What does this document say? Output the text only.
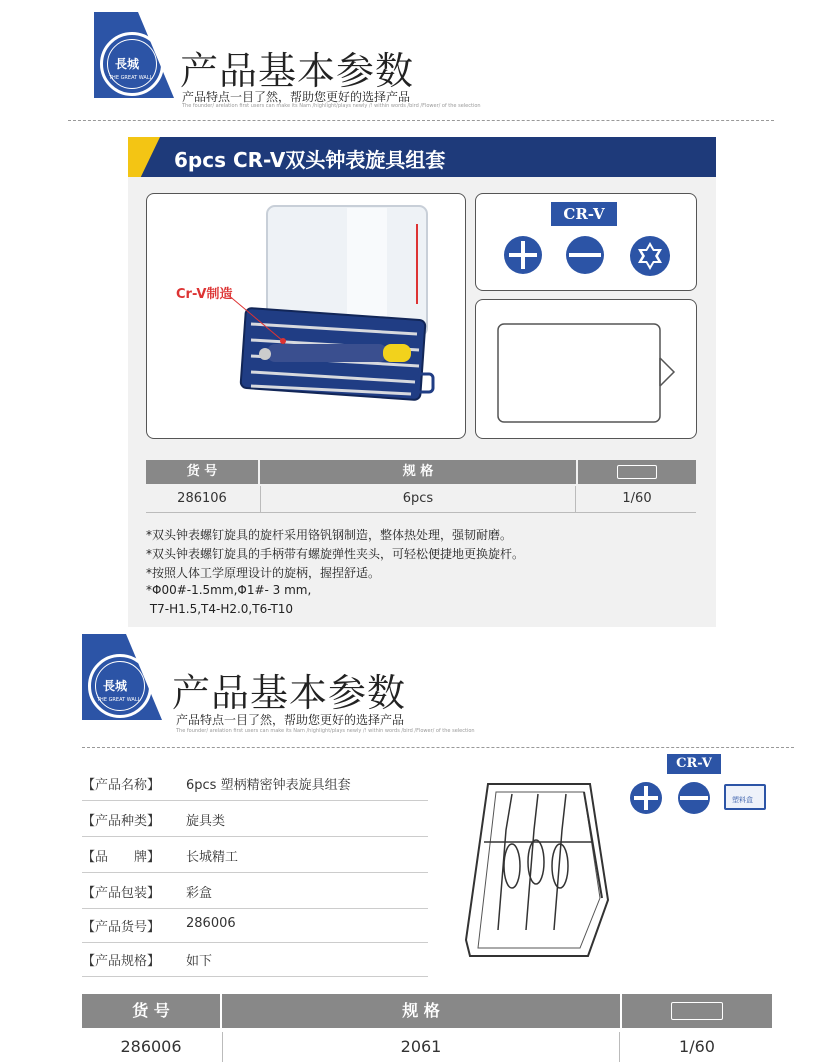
長城
THE GREAT WALL 产品基本参数
产品特点一目了然，帮助您更好的选择产品
The founder/ arelation first users can make its Nam /highlight/plays newly /! within words /bird /Flower/ of the selection
6pcs CR-V双头钟表旋具组套
Cr-V制造
CR-V
货 号	规 格
286106	6pcs	1/60
*双头钟表螺钉旋具的旋杆采用铬钒钢制造，整体热处理，强韧耐磨。
*双头钟表螺钉旋具的手柄带有螺旋弹性夹头，可轻松便捷地更换旋杆。
*按照人体工学原理设计的旋柄，握捏舒适。
*Φ00#-1.5mm,Φ1#- 3 mm,
T7-H1.5,T4-H2.0,T6-T10
長城
THE GREAT WALL 产品基本参数
产品特点一目了然，帮助您更好的选择产品
The founder/ arelation first users can make its Nam /highlight/plays newly /! within words /bird /Flower/ of the selection
【产品名称】 6pcs 塑柄精密钟表旋具组套
【产品种类】 旋具类
【品　　牌】 长城精工
【产品包装】 彩盒
【产品货号】 286006
【产品规格】 如下
CR-V
塑料盒
货 号	规 格
286006	2061	1/60
